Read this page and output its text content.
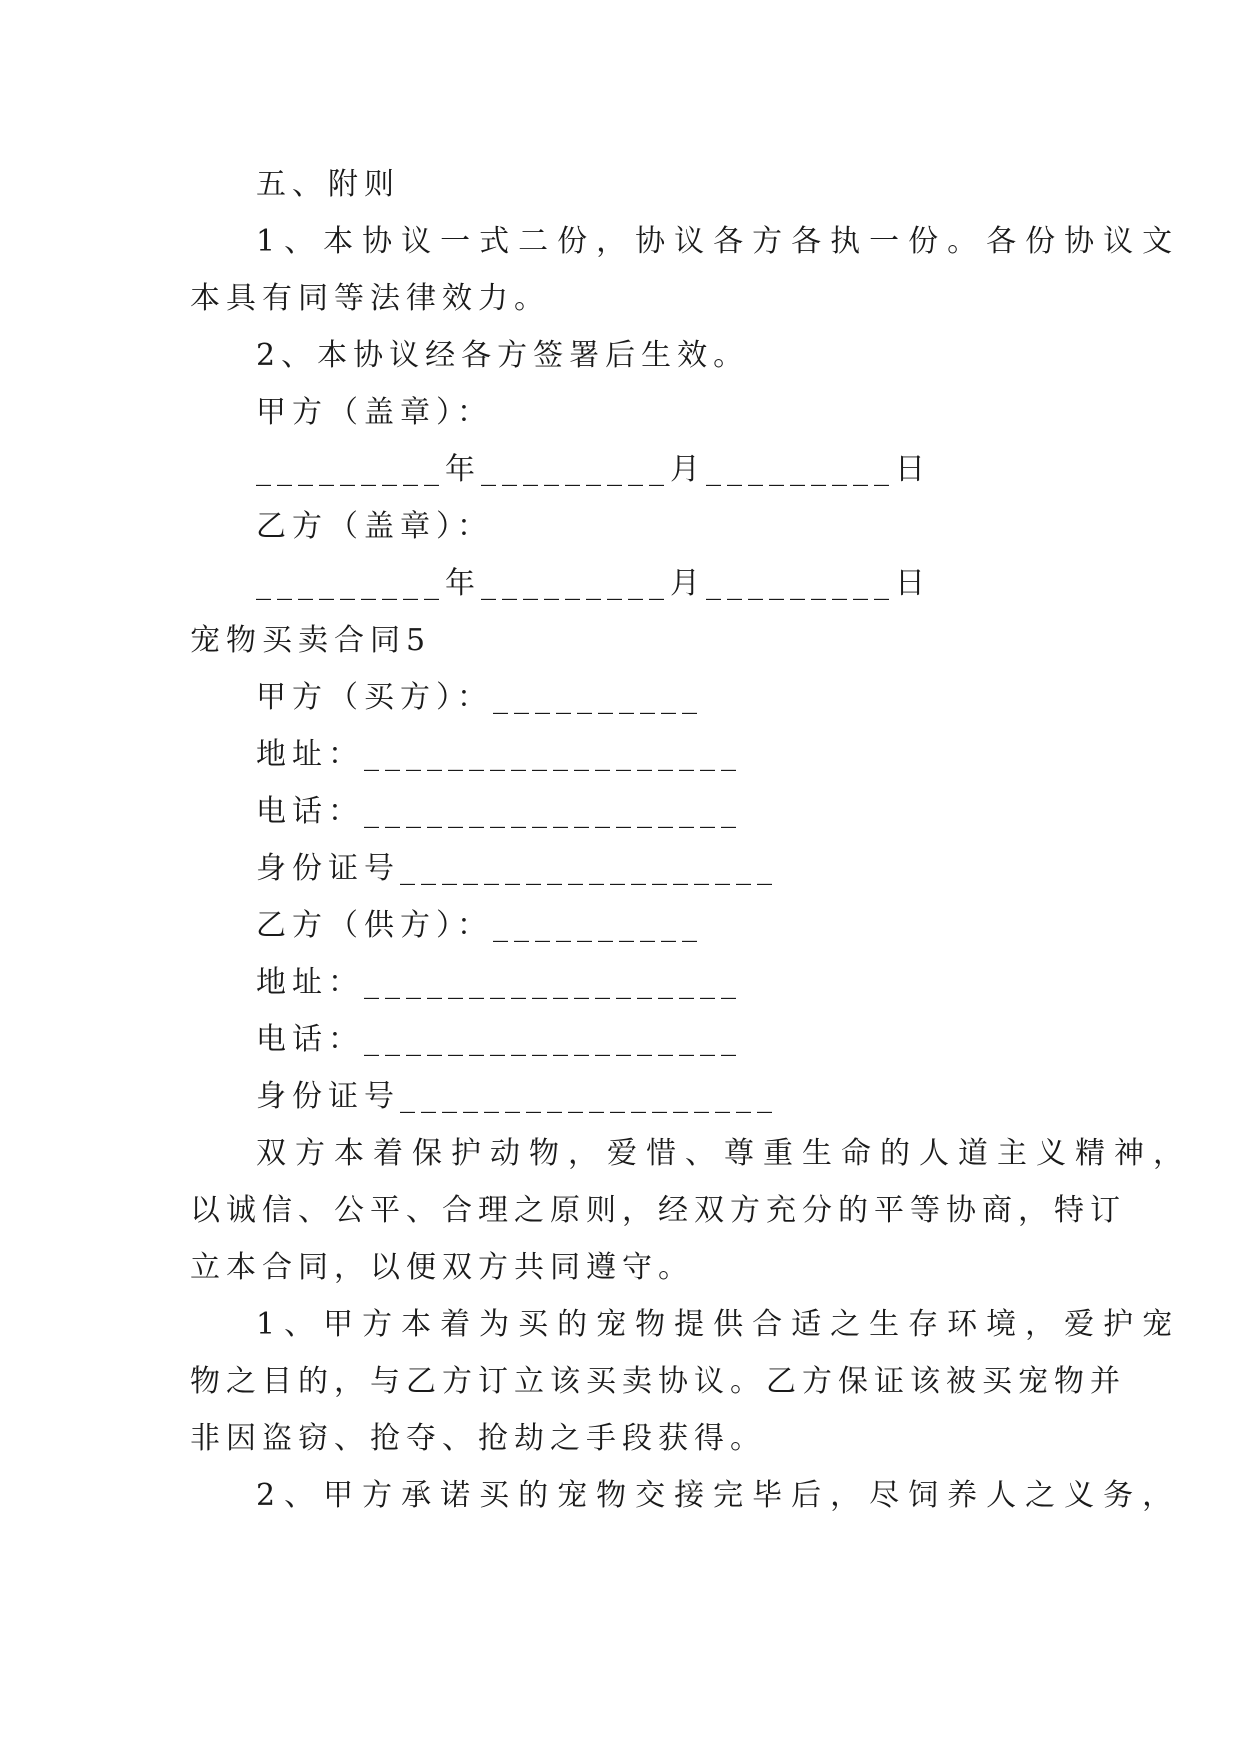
五、附则
1、本协议一式二份，协议各方各执一份。各份协议文
本具有同等法律效力。
2、本协议经各方签署后生效。
甲方（盖章）：
_________年_________月_________日
乙方（盖章）：
_________年_________月_________日
宠物买卖合同5
甲方（买方）：__________
地址：__________________
电话：__________________
身份证号__________________
乙方（供方）：__________
地址：__________________
电话：__________________
身份证号__________________
双方本着保护动物，爱惜、尊重生命的人道主义精神，
以诚信、公平、合理之原则，经双方充分的平等协商，特订
立本合同，以便双方共同遵守。
1、甲方本着为买的宠物提供合适之生存环境，爱护宠
物之目的，与乙方订立该买卖协议。乙方保证该被买宠物并
非因盗窃、抢夺、抢劫之手段获得。
2、甲方承诺买的宠物交接完毕后，尽饲养人之义务，
